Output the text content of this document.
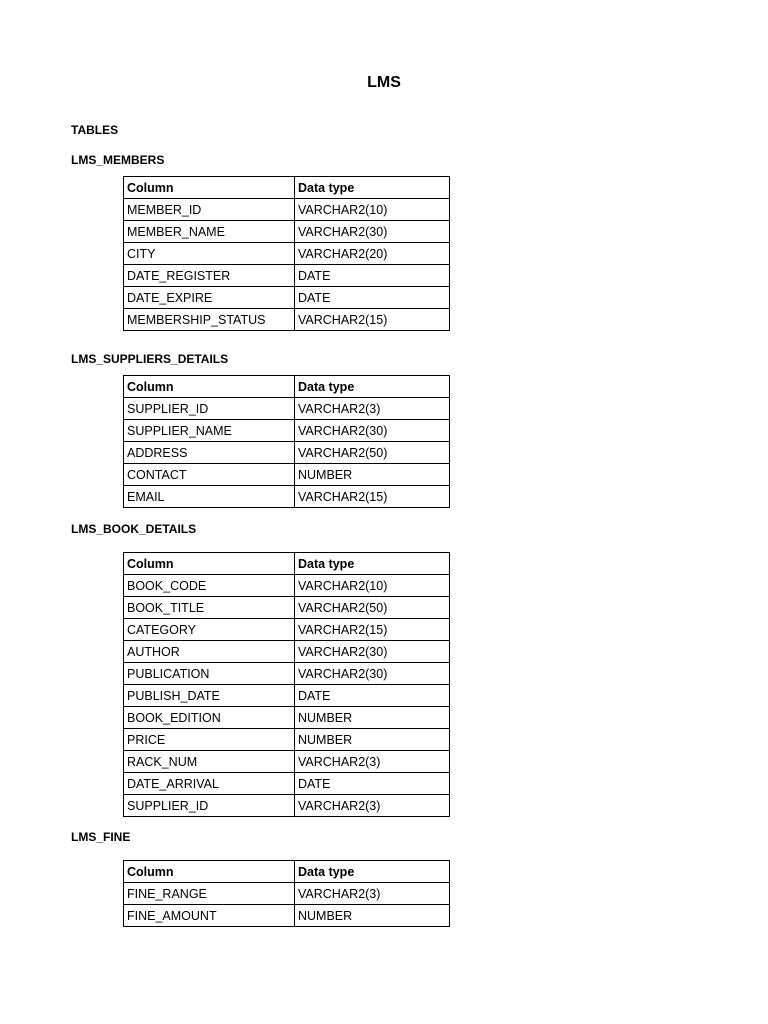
LMS
TABLES
LMS_MEMBERS
Column	Data type
MEMBER_ID	VARCHAR2(10)
MEMBER_NAME	VARCHAR2(30)
CITY	VARCHAR2(20)
DATE_REGISTER	DATE
DATE_EXPIRE	DATE
MEMBERSHIP_STATUS	VARCHAR2(15)
LMS_SUPPLIERS_DETAILS
Column	Data type
SUPPLIER_ID	VARCHAR2(3)
SUPPLIER_NAME	VARCHAR2(30)
ADDRESS	VARCHAR2(50)
CONTACT	NUMBER
EMAIL	VARCHAR2(15)
LMS_BOOK_DETAILS
Column	Data type
BOOK_CODE	VARCHAR2(10)
BOOK_TITLE	VARCHAR2(50)
CATEGORY	VARCHAR2(15)
AUTHOR	VARCHAR2(30)
PUBLICATION	VARCHAR2(30)
PUBLISH_DATE	DATE
BOOK_EDITION	NUMBER
PRICE	NUMBER
RACK_NUM	VARCHAR2(3)
DATE_ARRIVAL	DATE
SUPPLIER_ID	VARCHAR2(3)
LMS_FINE
Column	Data type
FINE_RANGE	VARCHAR2(3)
FINE_AMOUNT	NUMBER
